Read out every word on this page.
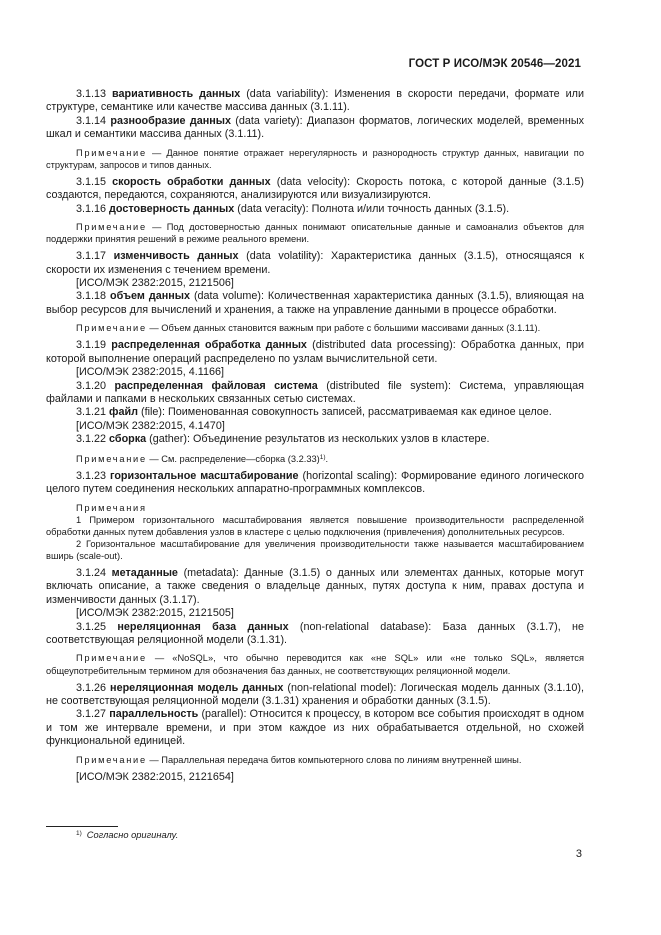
ГОСТ Р ИСО/МЭК 20546—2021

3.1.13 вариативность данных (data variability): Изменения в скорости передачи, формате или структуре, семантике или качестве массива данных (3.1.11).

3.1.14 разнообразие данных (data variety): Диапазон форматов, логических моделей, временных шкал и семантики массива данных (3.1.11).

Примечание — Данное понятие отражает нерегулярность и разнородность структур данных, навигации по структурам, запросов и типов данных.

3.1.15 скорость обработки данных (data velocity): Скорость потока, с которой данные (3.1.5) создаются, передаются, сохраняются, анализируются или визуализируются.

3.1.16 достоверность данных (data veracity): Полнота и/или точность данных (3.1.5).

Примечание — Под достоверностью данных понимают описательные данные и самоанализ объектов для поддержки принятия решений в режиме реального времени.

3.1.17 изменчивость данных (data volatility): Характеристика данных (3.1.5), относящаяся к скорости их изменения с течением времени.

[ИСО/МЭК 2382:2015, 2121506]

3.1.18 объем данных (data volume): Количественная характеристика данных (3.1.5), влияющая на выбор ресурсов для вычислений и хранения, а также на управление данными в процессе обработки.

Примечание — Объем данных становится важным при работе с большими массивами данных (3.1.11).

3.1.19 распределенная обработка данных (distributed data processing): Обработка данных, при которой выполнение операций распределено по узлам вычислительной сети.

[ИСО/МЭК 2382:2015, 4.1166]

3.1.20 распределенная файловая система (distributed file system): Система, управляющая файлами и папками в нескольких связанных сетью системах.

3.1.21 файл (file): Поименованная совокупность записей, рассматриваемая как единое целое.

[ИСО/МЭК 2382:2015, 4.1470]

3.1.22 сборка (gather): Объединение результатов из нескольких узлов в кластере.

Примечание — См. распределение—сборка $(3.2.33)^{1)}$.

3.1.23 горизонтальное масштабирование (horizontal scaling): Формирование единого логического целого путем соединения нескольких аппаратно-программных комплексов.

Примечания

1 Примером горизонтального масштабирования является повышение производительности распределенной обработки данных путем добавления узлов в кластере с целью подключения (привлечения) дополнительных ресурсов.

2 Горизонтальное масштабирование для увеличения производительности также называется масштабированием вширь (scale-out).

3.1.24 метаданные (metadata): Данные (3.1.5) о данных или элементах данных, которые могут включать описание, а также сведения о владельце данных, путях доступа к ним, правах доступа и изменчивости данных (3.1.17).

[ИСО/МЭК 2382:2015, 2121505]

3.1.25 нереляционная база данных (non-relational database): База данных (3.1.7), не соответствующая реляционной модели (3.1.31).

Примечание — «NoSQL», что обычно переводится как «не SQL» или «не только SQL», является общеупотребительным термином для обозначения баз данных, не соответствующих реляционной модели.

3.1.26 нереляционная модель данных (non-relational model): Логическая модель данных (3.1.10), не соответствующая реляционной модели (3.1.31) хранения и обработки данных (3.1.5).

3.1.27 параллельность (parallel): Относится к процессу, в котором все события происходят в одном и том же интервале времени, и при этом каждое из них обрабатывается отдельной, но схожей функциональной единицей.

Примечание — Параллельная передача битов компьютерного слова по линиям внутренней шины.

[ИСО/МЭК 2382:2015, 2121654]

$^{1)}$ Согласно оригиналу.
3
